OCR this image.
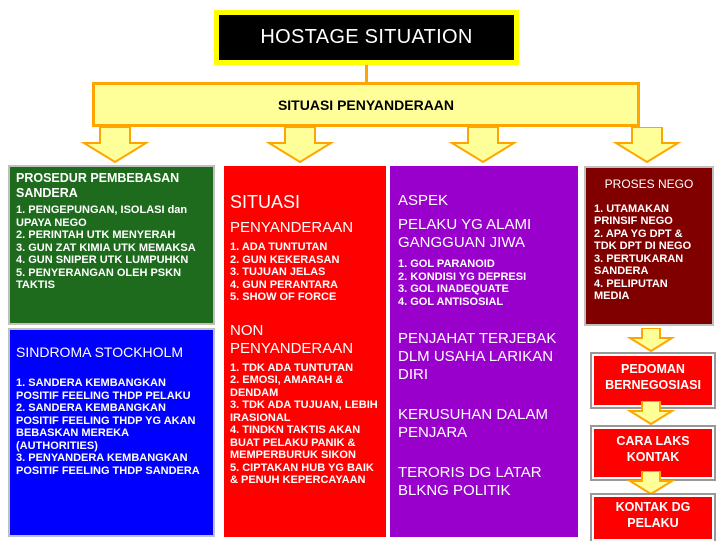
HOSTAGE SITUATION
SITUASI PENYANDERAAN

PROSEDUR PEMBEBASAN SANDERA

1. PENGEPUNGAN, ISOLASI dan UPAYA NEGO

2. PERINTAH UTK MENYERAH

3. GUN ZAT KIMIA UTK MEMAKSA

4. GUN SNIPER UTK LUMPUHKN

5. PENYERANGAN OLEH PSKN TAKTIS

SINDROMA STOCKHOLM

1. SANDERA KEMBANGKAN POSITIF FEELING THDP PELAKU

2. SANDERA KEMBANGKAN POSITIF FEELING THDP YG AKAN BEBASKAN MEREKA (AUTHORITIES)

3. PENYANDERA KEMBANGKAN POSITIF FEELING THDP SANDERA

SITUASI

PENYANDERAAN

1. ADA TUNTUTAN

2. GUN KEKERASAN

3. TUJUAN JELAS

4. GUN PERANTARA

5. SHOW OF FORCE

NON PENYANDERAAN

1. TDK ADA TUNTUTAN

2. EMOSI, AMARAH & DENDAM

3. TDK ADA TUJUAN, LEBIH IRASIONAL

4. TINDKN TAKTIS AKAN BUAT PELAKU PANIK & MEMPERBURUK SIKON

5. CIPTAKAN HUB YG BAIK & PENUH KEPERCAYAAN

ASPEK

PELAKU YG ALAMI GANGGUAN JIWA

1. GOL PARANOID

2. KONDISI YG DEPRESI

3. GOL INADEQUATE

4. GOL ANTISOSIAL

PENJAHAT TERJEBAK DLM USAHA LARIKAN DIRI

KERUSUHAN DALAM PENJARA

TERORIS DG LATAR BLKNG POLITIK

PROSES NEGO

1. UTAMAKAN PRINSIF NEGO

2. APA YG DPT & TDK DPT DI NEGO

3. PERTUKARAN SANDERA

4. PELIPUTAN MEDIA

PEDOMAN BERNEGOSIASI
CARA LAKS KONTAK
KONTAK DG PELAKU
